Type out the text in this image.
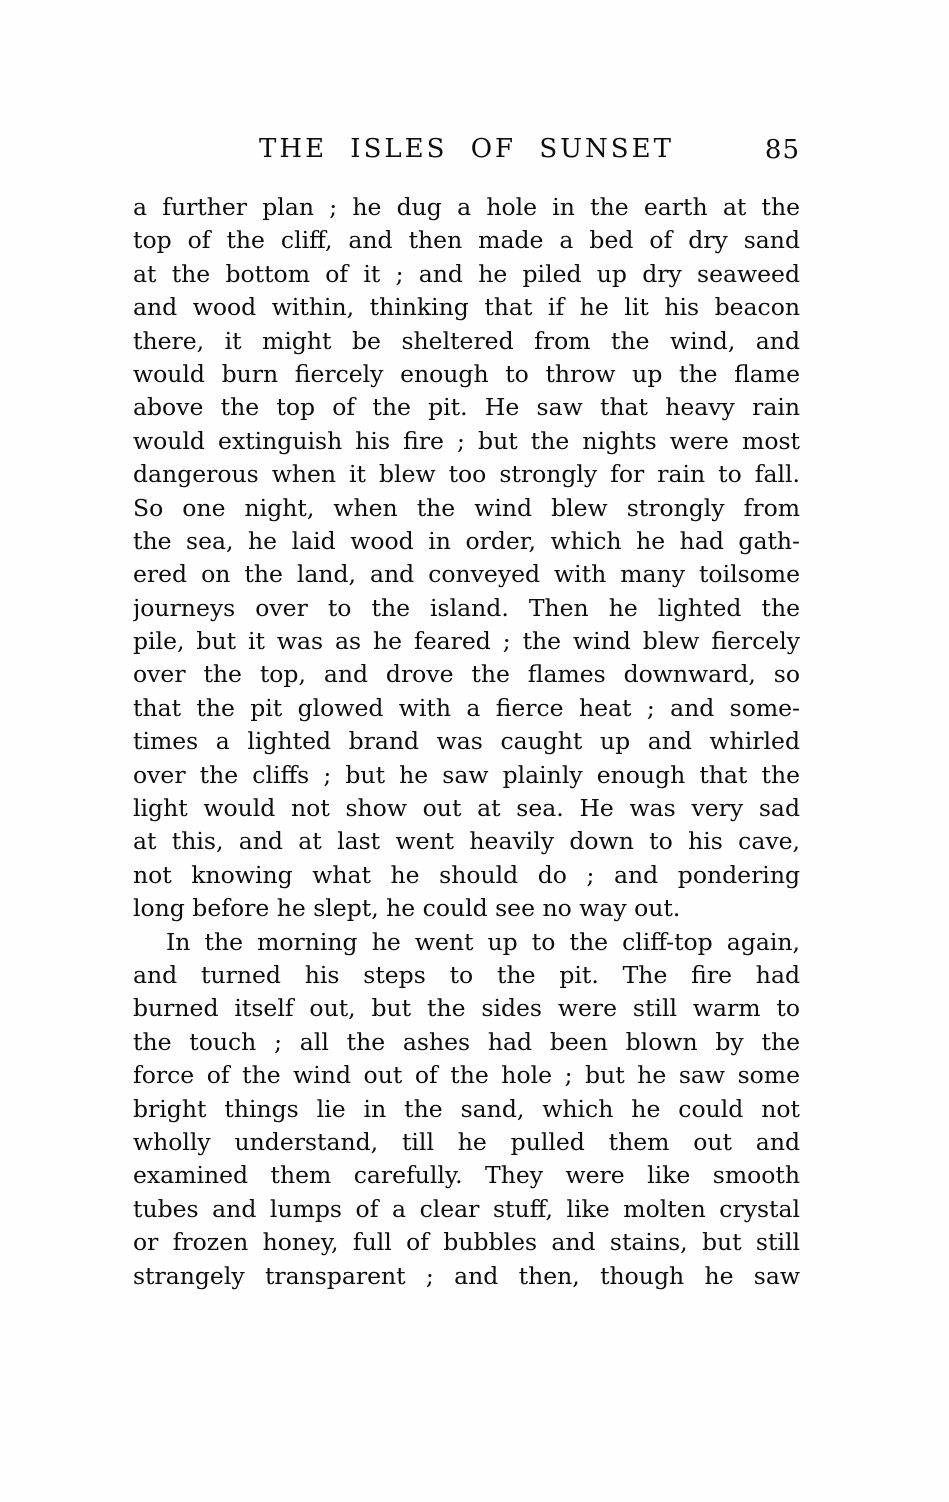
THE ISLES OF SUNSET	85
a further plan ; he dug a hole in the earth at the
top of the cliff, and then made a bed of dry sand
at the bottom of it ; and he piled up dry seaweed
and wood within, thinking that if he lit his beacon
there, it might be sheltered from the wind, and
would burn fiercely enough to throw up the flame
above the top of the pit. He saw that heavy rain
would extinguish his fire ; but the nights were most
dangerous when it blew too strongly for rain to fall.
So one night, when the wind blew strongly from
the sea, he laid wood in order, which he had gath-
ered on the land, and conveyed with many toilsome
journeys over to the island. Then he lighted the
pile, but it was as he feared ; the wind blew fiercely
over the top, and drove the flames downward, so
that the pit glowed with a fierce heat ; and some-
times a lighted brand was caught up and whirled
over the cliffs ; but he saw plainly enough that the
light would not show out at sea. He was very sad
at this, and at last went heavily down to his cave,
not knowing what he should do ; and pondering
long before he slept, he could see no way out.
In the morning he went up to the cliff-top again,
and turned his steps to the pit. The fire had
burned itself out, but the sides were still warm to
the touch ; all the ashes had been blown by the
force of the wind out of the hole ; but he saw some
bright things lie in the sand, which he could not
wholly understand, till he pulled them out and
examined them carefully. They were like smooth
tubes and lumps of a clear stuff, like molten crystal
or frozen honey, full of bubbles and stains, but still
strangely transparent ; and then, though he saw
